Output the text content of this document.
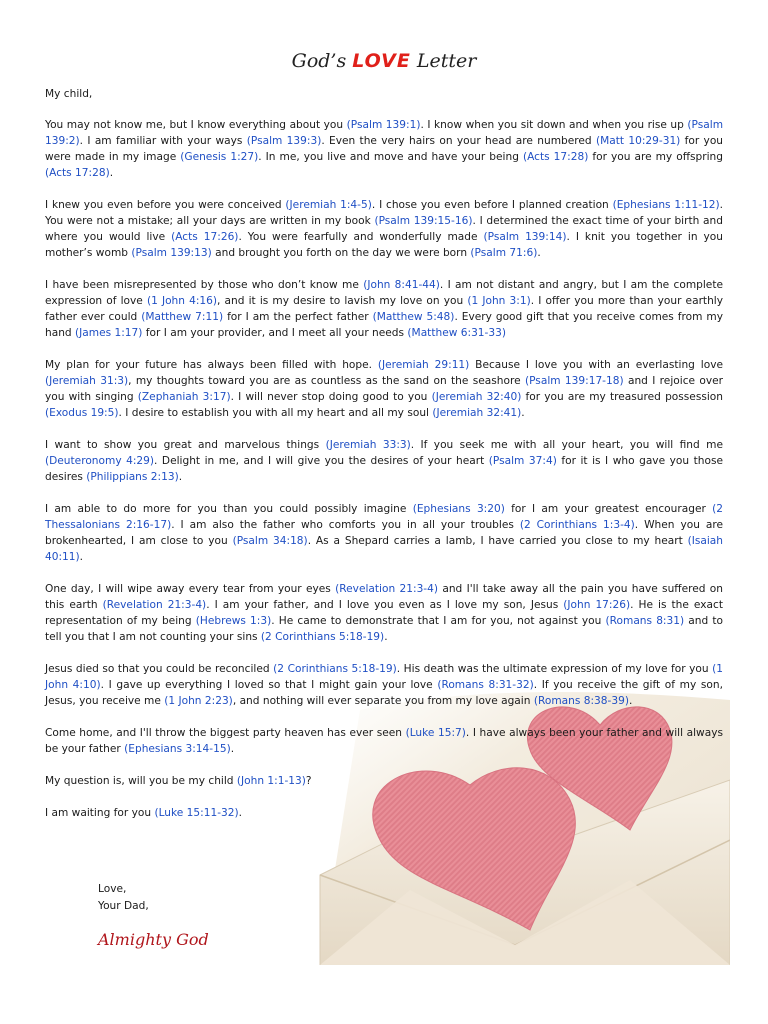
God’s LOVE Letter

My child,

You may not know me, but I know everything about you (Psalm 139:1). I know when you sit down and when you rise up (Psalm 139:2). I am familiar with your ways (Psalm 139:3). Even the very hairs on your head are numbered (Matt 10:29-31) for you were made in my image (Genesis 1:27). In me, you live and move and have your being (Acts 17:28) for you are my offspring (Acts 17:28).

I knew you even before you were conceived (Jeremiah 1:4-5). I chose you even before I planned creation (Ephesians 1:11-12). You were not a mistake; all your days are written in my book (Psalm 139:15-16). I determined the exact time of your birth and where you would live (Acts 17:26). You were fearfully and wonderfully made (Psalm 139:14). I knit you together in you mother’s womb (Psalm 139:13) and brought you forth on the day we were born (Psalm 71:6).

I have been misrepresented by those who don’t know me (John 8:41-44). I am not distant and angry, but I am the complete expression of love (1 John 4:16), and it is my desire to lavish my love on you (1 John 3:1). I offer you more than your earthly father ever could (Matthew 7:11) for I am the perfect father (Matthew 5:48). Every good gift that you receive comes from my hand (James 1:17) for I am your provider, and I meet all your needs (Matthew 6:31-33)

My plan for your future has always been filled with hope. (Jeremiah 29:11) Because I love you with an everlasting love (Jeremiah 31:3), my thoughts toward you are as countless as the sand on the seashore (Psalm 139:17-18) and I rejoice over you with singing (Zephaniah 3:17). I will never stop doing good to you (Jeremiah 32:40) for you are my treasured possession (Exodus 19:5). I desire to establish you with all my heart and all my soul (Jeremiah 32:41).

I want to show you great and marvelous things (Jeremiah 33:3). If you seek me with all your heart, you will find me (Deuteronomy 4:29). Delight in me, and I will give you the desires of your heart (Psalm 37:4) for it is I who gave you those desires (Philippians 2:13).

I am able to do more for you than you could possibly imagine (Ephesians 3:20) for I am your greatest encourager (2 Thessalonians 2:16-17). I am also the father who comforts you in all your troubles (2 Corinthians 1:3-4). When you are brokenhearted, I am close to you (Psalm 34:18). As a Shepard carries a lamb, I have carried you close to my heart (Isaiah 40:11).

One day, I will wipe away every tear from your eyes (Revelation 21:3-4) and I'll take away all the pain you have suffered on this earth (Revelation 21:3-4). I am your father, and I love you even as I love my son, Jesus (John 17:26). He is the exact representation of my being (Hebrews 1:3). He came to demonstrate that I am for you, not against you (Romans 8:31) and to tell you that I am not counting your sins (2 Corinthians 5:18-19).

Jesus died so that you could be reconciled (2 Corinthians 5:18-19). His death was the ultimate expression of my love for you (1 John 4:10). I gave up everything I loved so that I might gain your love (Romans 8:31-32). If you receive the gift of my son, Jesus, you receive me (1 John 2:23), and nothing will ever separate you from my love again (Romans 8:38-39).

Come home, and I'll throw the biggest party heaven has ever seen (Luke 15:7). I have always been your father and will always be your father (Ephesians 3:14-15).

My question is, will you be my child (John 1:1-13)?

I am waiting for you (Luke 15:11-32).

Love,
Your Dad,
Almighty God
